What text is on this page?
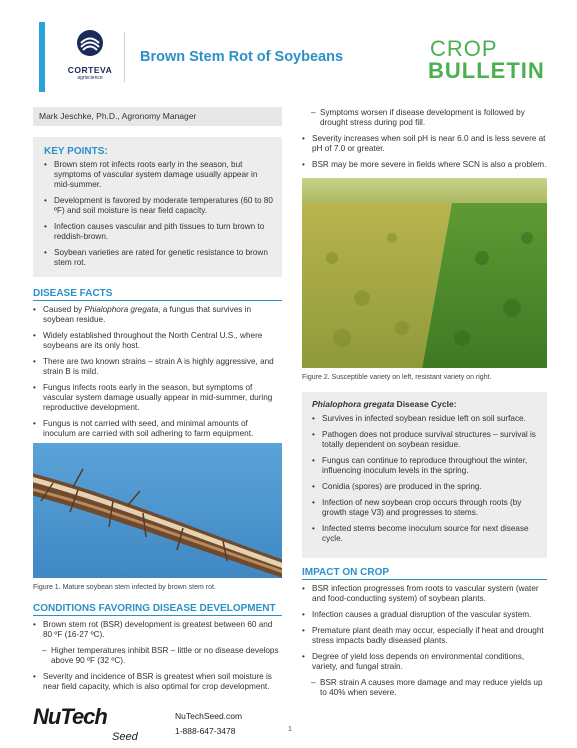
CORTEVA
agriscience
Brown Stem Rot of Soybeans	CROP
BULLETIN
Mark Jeschke, Ph.D., Agronomy Manager
KEY POINTS:
• Brown stem rot infects roots early in the season, but symptoms of vascular system damage usually appear in mid-summer.
• Development is favored by moderate temperatures (60 to 80 ºF) and soil moisture is near field capacity.
• Infection causes vascular and pith tissues to turn brown to reddish-brown.
• Soybean varieties are rated for genetic resistance to brown stem rot.
DISEASE FACTS
• Caused by Phialophora gregata, a fungus that survives in soybean residue.
• Widely established throughout the North Central U.S., where soybeans are its only host.
• There are two known strains – strain A is highly aggressive, and strain B is mild.
• Fungus infects roots early in the season, but symptoms of vascular system damage usually appear in mid-summer, during reproductive development.
• Fungus is not carried with seed, and minimal amounts of inoculum are carried with soil adhering to farm equipment.
Figure 1. Mature soybean stem infected by brown stem rot.
CONDITIONS FAVORING DISEASE DEVELOPMENT
• Brown stem rot (BSR) development is greatest between 60 and 80 ºF (16-27 ºC).
– Higher temperatures inhibit BSR – little or no disease develops above 90 ºF (32 ºC).
• Severity and incidence of BSR is greatest when soil moisture is near field capacity, which is also optimal for crop development.
– Symptoms worsen if disease development is followed by drought stress during pod fill.
• Severity increases when soil pH is near 6.0 and is less severe at pH of 7.0 or greater.
• BSR may be more severe in fields where SCN is also a problem.
Figure 2. Susceptible variety on left, resistant variety on right.
Phialophora gregata Disease Cycle:
• Survives in infected soybean residue left on soil surface.
• Pathogen does not produce survival structures – survival is totally dependent on soybean residue.
• Fungus can continue to reproduce throughout the winter, influencing inoculum levels in the spring.
• Conidia (spores) are produced in the spring.
• Infection of new soybean crop occurs through roots (by growth stage V3) and progresses to stems.
• Infected stems become inoculum source for next disease cycle.
IMPACT ON CROP
• BSR infection progresses from roots to vascular system (water and food-conducting system) of soybean plants.
• Infection causes a gradual disruption of the vascular system.
• Premature plant death may occur, especially if heat and drought stress impacts badly diseased plants.
• Degree of yield loss depends on environmental conditions, variety, and fungal strain.
– BSR strain A causes more damage and may reduce yields up to 40% when severe.
NuTech
Seed
NuTechSeed.com
1-888-647-3478	1
